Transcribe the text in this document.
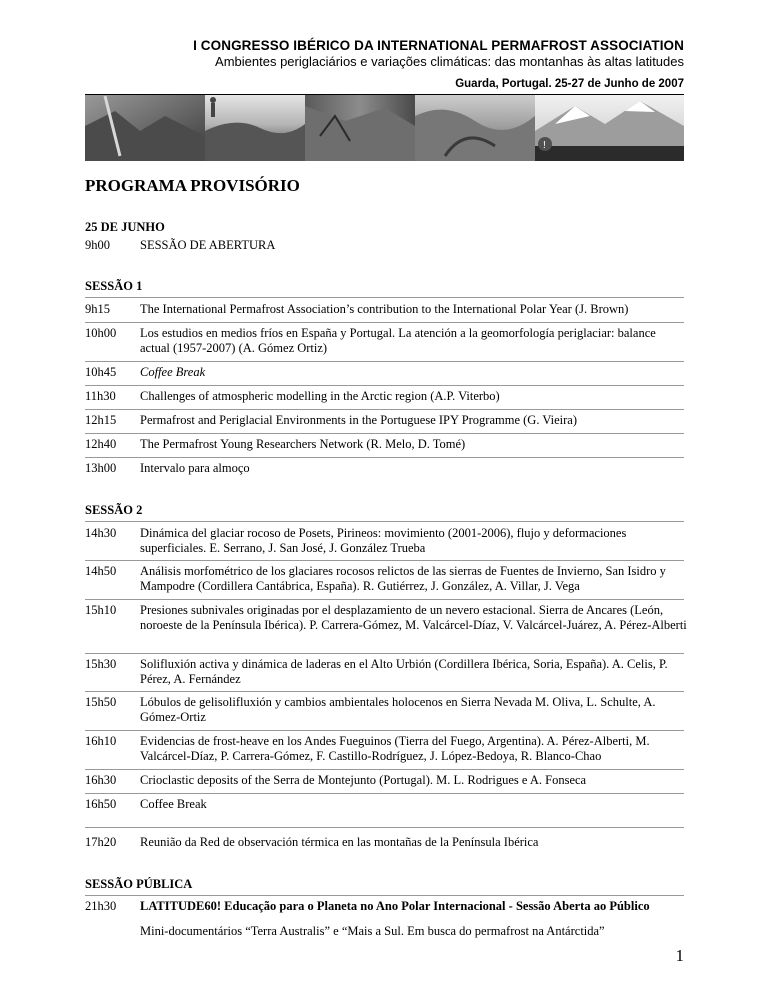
I CONGRESSO IBÉRICO DA INTERNATIONAL PERMAFROST ASSOCIATION
Ambientes periglaciários e variações climáticas: das montanhas às altas latitudes
Guarda, Portugal. 25-27 de Junho de 2007
!
PROGRAMA PROVISÓRIO
25 DE JUNHO
9h00 SESSÃO DE ABERTURA
SESSÃO 1
9h15 The International Permafrost Association’s contribution to the International Polar Year (J. Brown)
10h00 Los estudios en medios fríos en España y Portugal. La atención a la geomorfología periglaciar: balance actual (1957-2007) (A. Gómez Ortiz)
10h45 Coffee Break
11h30 Challenges of atmospheric modelling in the Arctic region (A.P. Viterbo)
12h15 Permafrost and Periglacial Environments in the Portuguese IPY Programme (G. Vieira)
12h40 The Permafrost Young Researchers Network (R. Melo, D. Tomé)
13h00 Intervalo para almoço
SESSÃO 2
14h30 Dinámica del glaciar rocoso de Posets, Pirineos: movimiento (2001-2006), flujo y deformaciones superficiales. E. Serrano, J. San José, J. González Trueba
14h50 Análisis morfométrico de los glaciares rocosos relictos de las sierras de Fuentes de Invierno, San Isidro y Mampodre (Cordillera Cantábrica, España). R. Gutiérrez, J. González, A. Villar, J. Vega
15h10 Presiones subnivales originadas por el desplazamiento de un nevero estacional. Sierra de Ancares (León, noroeste de la Península Ibérica). P. Carrera-Gómez, M. Valcárcel-Díaz, V. Valcárcel-Juárez, A. Pérez-Alberti
15h30 Solifluxión activa y dinámica de laderas en el Alto Urbión (Cordillera Ibérica, Soria, España). A. Celis, P. Pérez, A. Fernández
15h50 Lóbulos de gelisolifluxión y cambios ambientales holocenos en Sierra Nevada M. Oliva, L. Schulte, A. Gómez-Ortiz
16h10 Evidencias de frost-heave en los Andes Fueguinos (Tierra del Fuego, Argentina). A. Pérez-Alberti, M. Valcárcel-Díaz, P. Carrera-Gómez, F. Castillo-Rodríguez, J. López-Bedoya, R. Blanco-Chao
16h30 Crioclastic deposits of the Serra de Montejunto (Portugal). M. L. Rodrigues e A. Fonseca
16h50 Coffee Break
17h20 Reunião da Red de observación térmica en las montañas de la Península Ibérica
SESSÃO PÚBLICA
21h30 LATITUDE60! Educação para o Planeta no Ano Polar Internacional - Sessão Aberta ao Público
Mini-documentários “Terra Australis” e “Mais a Sul. Em busca do permafrost na Antárctida”
1
